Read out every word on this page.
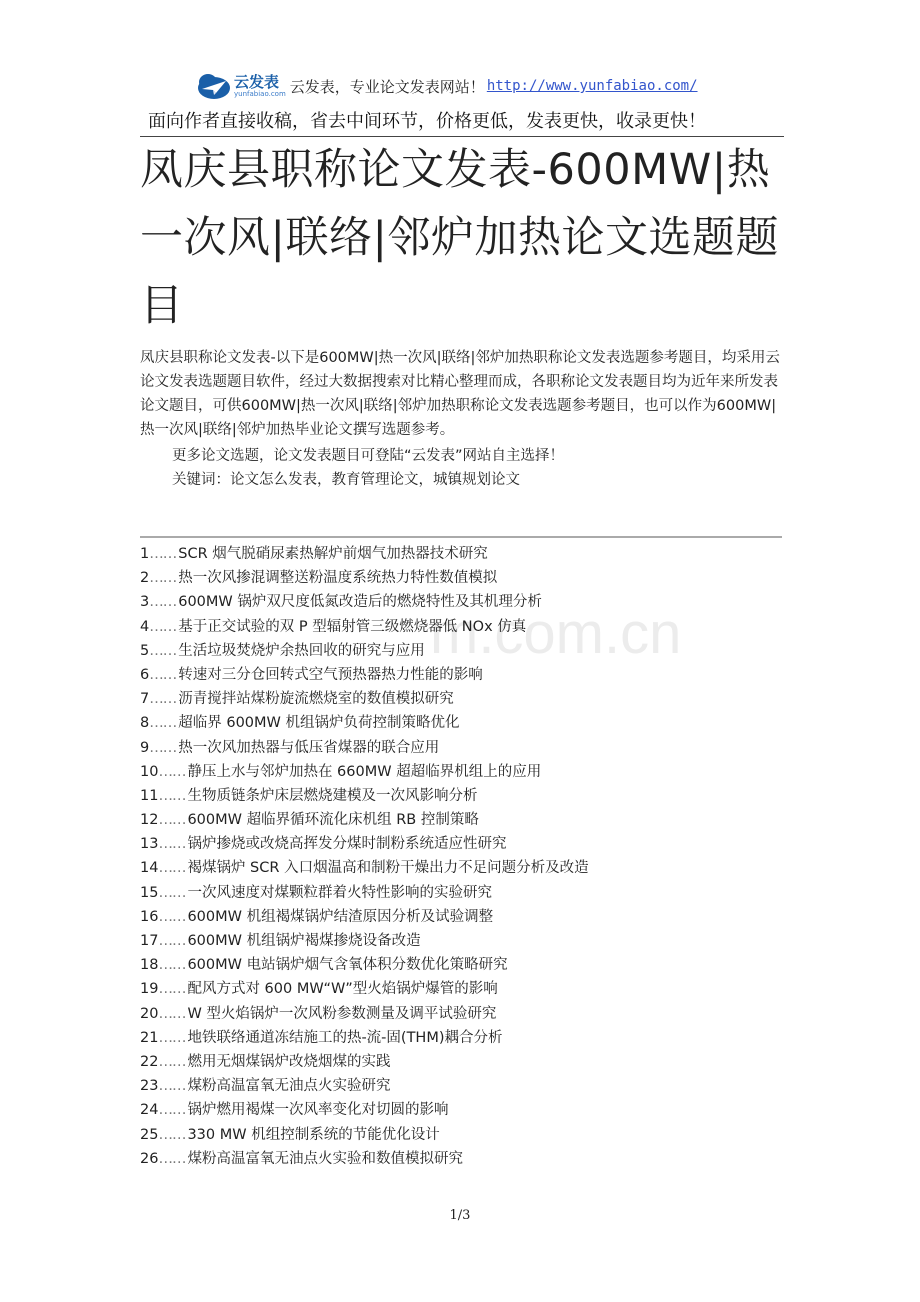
云发表
yunfabiao.com 云发表，专业论文发表网站！ http://www.yunfabiao.com/
面向作者直接收稿，省去中间环节，价格更低，发表更快，收录更快！
凤庆县职称论文发表-600MW|热一次风|联络|邻炉加热论文选题题目

凤庆县职称论文发表-以下是600MW|热一次风|联络|邻炉加热职称论文发表选题参考题目，均采用云论文发表选题题目软件，经过大数据搜索对比精心整理而成，各职称论文发表题目均为近年来所发表论文题目，可供600MW|热一次风|联络|邻炉加热职称论文发表选题参考题目，也可以作为600MW|热一次风|联络|邻炉加热毕业论文撰写选题参考。

更多论文选题，论文发表题目可登陆“云发表”网站自主选择！

关键词：论文怎么发表，教育管理论文，城镇规划论文

m.com.cn
1…… SCR 烟气脱硝尿素热解炉前烟气加热器技术研究
2…… 热一次风掺混调整送粉温度系统热力特性数值模拟
3…… 600MW 锅炉双尺度低氮改造后的燃烧特性及其机理分析
4…… 基于正交试验的双 P 型辐射管三级燃烧器低 NOx 仿真
5…… 生活垃圾焚烧炉余热回收的研究与应用
6…… 转速对三分仓回转式空气预热器热力性能的影响
7…… 沥青搅拌站煤粉旋流燃烧室的数值模拟研究
8…… 超临界 600MW 机组锅炉负荷控制策略优化
9…… 热一次风加热器与低压省煤器的联合应用
10…… 静压上水与邻炉加热在 660MW 超超临界机组上的应用
11…… 生物质链条炉床层燃烧建模及一次风影响分析
12…… 600MW 超临界循环流化床机组 RB 控制策略
13…… 锅炉掺烧或改烧高挥发分煤时制粉系统适应性研究
14…… 褐煤锅炉 SCR 入口烟温高和制粉干燥出力不足问题分析及改造
15…… 一次风速度对煤颗粒群着火特性影响的实验研究
16…… 600MW 机组褐煤锅炉结渣原因分析及试验调整
17…… 600MW 机组锅炉褐煤掺烧设备改造
18…… 600MW 电站锅炉烟气含氧体积分数优化策略研究
19…… 配风方式对 600 MW“W”型火焰锅炉爆管的影响
20…… W 型火焰锅炉一次风粉参数测量及调平试验研究
21…… 地铁联络通道冻结施工的热-流-固(THM)耦合分析
22…… 燃用无烟煤锅炉改烧烟煤的实践
23…… 煤粉高温富氧无油点火实验研究
24…… 锅炉燃用褐煤一次风率变化对切圆的影响
25…… 330 MW 机组控制系统的节能优化设计
26…… 煤粉高温富氧无油点火实验和数值模拟研究
1/3
